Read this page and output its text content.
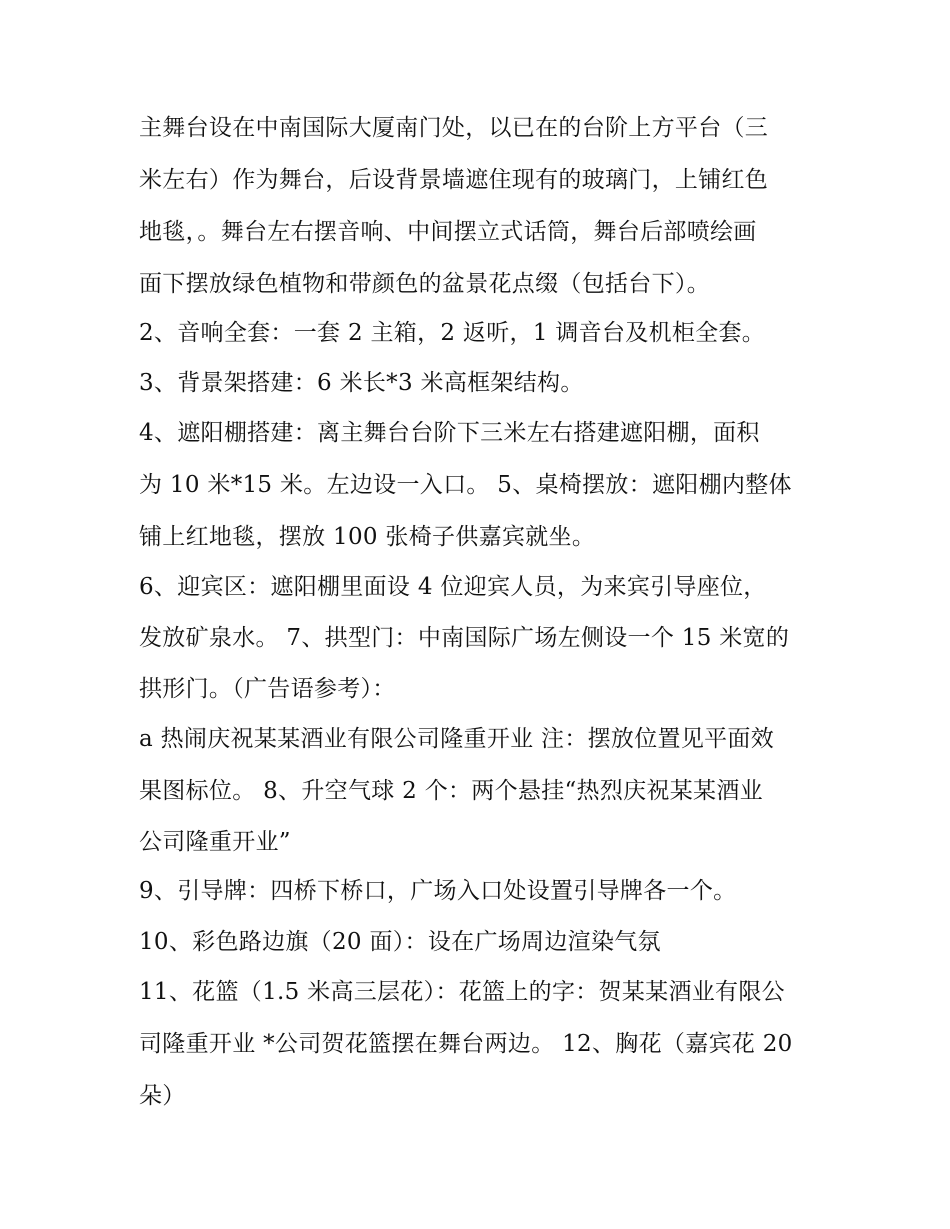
主舞台设在中南国际大厦南门处，以已在的台阶上方平台（三
米左右）作为舞台，后设背景墙遮住现有的玻璃门，上铺红色
地毯，。舞台左右摆音响、中间摆立式话筒，舞台后部喷绘画
面下摆放绿色植物和带颜色的盆景花点缀（包括台下）。
2、音响全套：一套 2 主箱，2 返听，1 调音台及机柜全套。
3、背景架搭建：6 米长*3 米高框架结构。
4、遮阳棚搭建：离主舞台台阶下三米左右搭建遮阳棚，面积
为 10 米*15 米。左边设一入口。 5、桌椅摆放：遮阳棚内整体
铺上红地毯，摆放 100 张椅子供嘉宾就坐。
6、迎宾区：遮阳棚里面设 4 位迎宾人员，为来宾引导座位，
发放矿泉水。 7、拱型门：中南国际广场左侧设一个 15 米宽的
拱形门。（广告语参考）：
a 热闹庆祝某某酒业有限公司隆重开业 注：摆放位置见平面效
果图标位。 8、升空气球 2 个：两个悬挂“热烈庆祝某某酒业
公司隆重开业”
9、引导牌：四桥下桥口，广场入口处设置引导牌各一个。
10、彩色路边旗（20 面）：设在广场周边渲染气氛
11、花篮（1.5 米高三层花）：花篮上的字：贺某某酒业有限公
司隆重开业 *公司贺花篮摆在舞台两边。 12、胸花（嘉宾花 20
朵）
